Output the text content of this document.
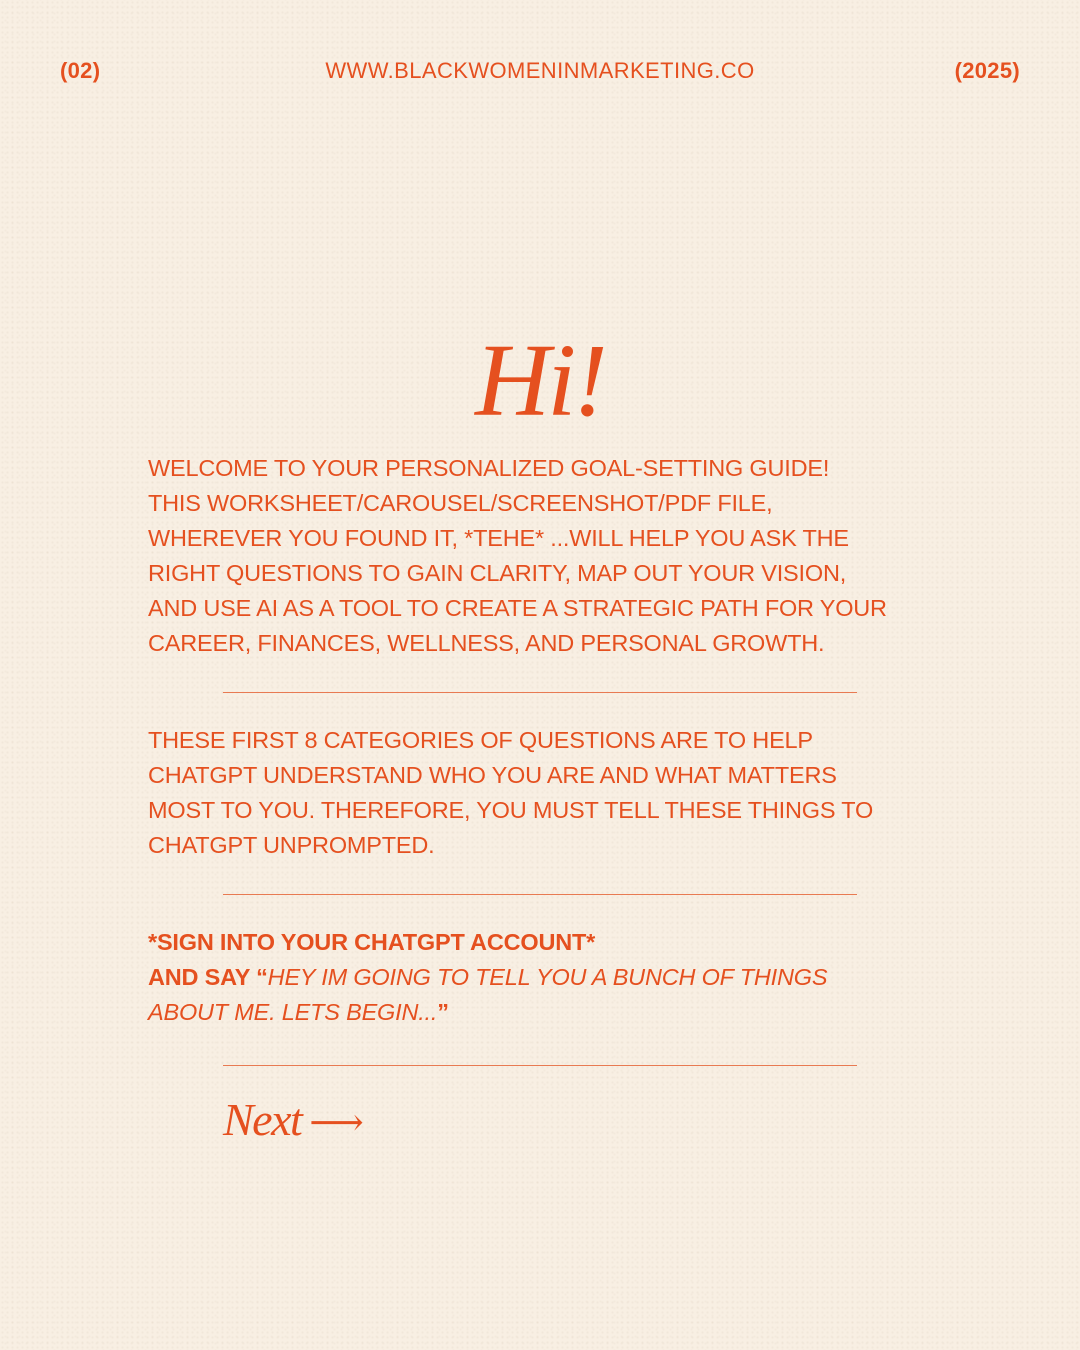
(02)	WWW.BLACKWOMENINMARKETING.CO	(2025)
Hi!
WELCOME TO YOUR PERSONALIZED GOAL-SETTING GUIDE!
THIS WORKSHEET/CAROUSEL/SCREENSHOT/PDF FILE,
WHEREVER YOU FOUND IT, *TEHE* ...WILL HELP YOU ASK THE
RIGHT QUESTIONS TO GAIN CLARITY, MAP OUT YOUR VISION,
AND USE AI AS A TOOL TO CREATE A STRATEGIC PATH FOR YOUR
CAREER, FINANCES, WELLNESS, AND PERSONAL GROWTH.
THESE FIRST 8 CATEGORIES OF QUESTIONS ARE TO HELP
CHATGPT UNDERSTAND WHO YOU ARE AND WHAT MATTERS
MOST TO YOU. THEREFORE, YOU MUST TELL THESE THINGS TO
CHATGPT UNPROMPTED.
*SIGN INTO YOUR CHATGPT ACCOUNT*
AND SAY “HEY IM GOING TO TELL YOU A BUNCH OF THINGS
ABOUT ME. LETS BEGIN...”
Next ⟶
